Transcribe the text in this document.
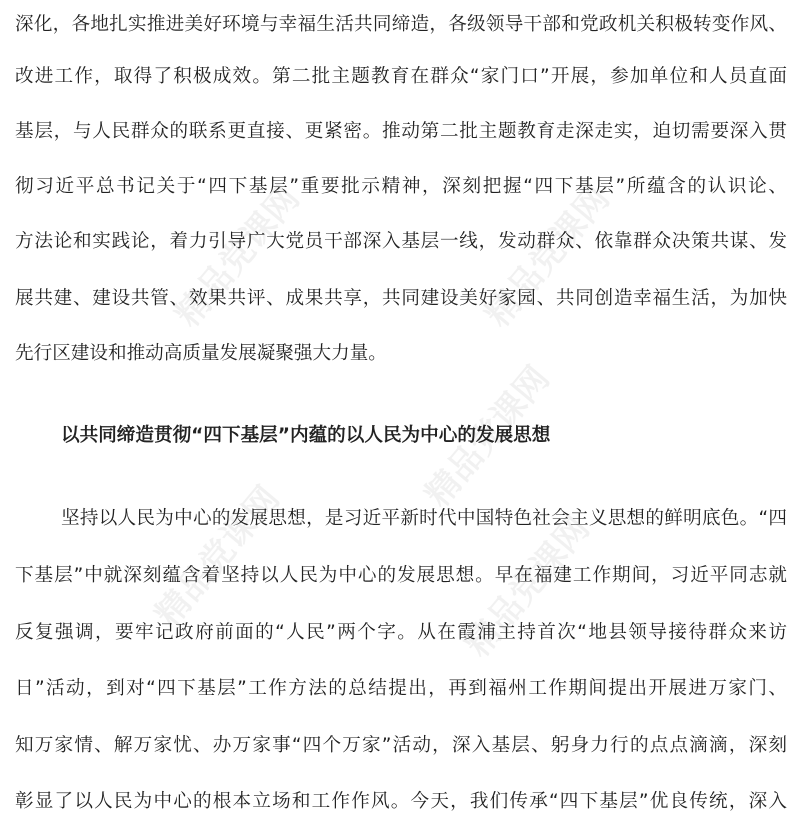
精品党课网	精品党课网
精品党课网
精品党课网	精品党课网
深化，各地扎实推进美好环境与幸福生活共同缔造，各级领导干部和党政机关积极转变作风、
改进工作，取得了积极成效。第二批主题教育在群众“家门口”开展，参加单位和人员直面
基层，与人民群众的联系更直接、更紧密。推动第二批主题教育走深走实，迫切需要深入贯
彻习近平总书记关于“四下基层”重要批示精神，深刻把握“四下基层”所蕴含的认识论、
方法论和实践论，着力引导广大党员干部深入基层一线，发动群众、依靠群众决策共谋、发
展共建、建设共管、效果共评、成果共享，共同建设美好家园、共同创造幸福生活，为加快
先行区建设和推动高质量发展凝聚强大力量。
以共同缔造贯彻“四下基层”内蕴的以人民为中心的发展思想
坚持以人民为中心的发展思想，是习近平新时代中国特色社会主义思想的鲜明底色。“四
下基层”中就深刻蕴含着坚持以人民为中心的发展思想。早在福建工作期间，习近平同志就
反复强调，要牢记政府前面的“人民”两个字。从在霞浦主持首次“地县领导接待群众来访
日”活动，到对“四下基层”工作方法的总结提出，再到福州工作期间提出开展进万家门、
知万家情、解万家忧、办万家事“四个万家”活动，深入基层、躬身力行的点点滴滴，深刻
彰显了以人民为中心的根本立场和工作作风。今天，我们传承“四下基层”优良传统，深入
